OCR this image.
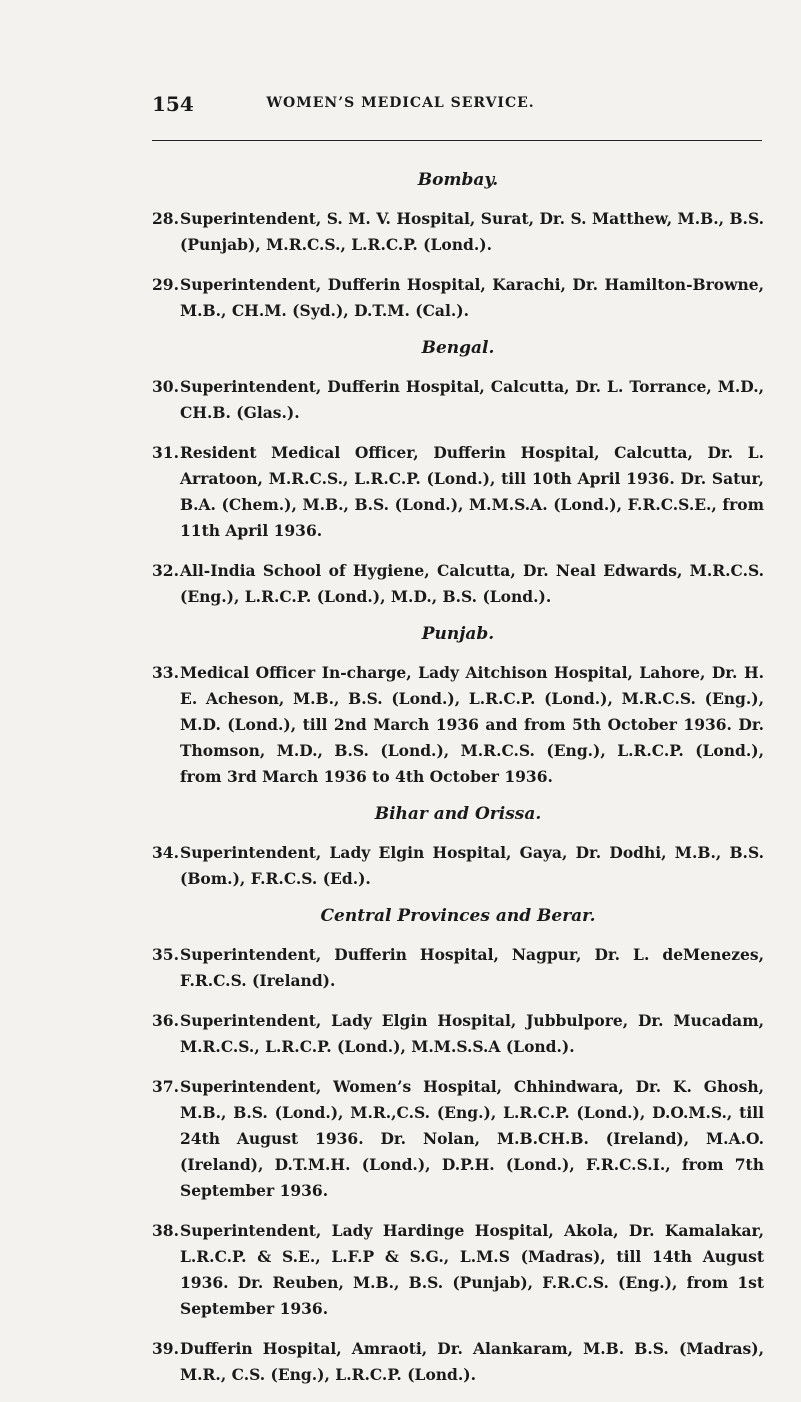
154	WOMEN’S MEDICAL SERVICE.
Bombay.
28. Superintendent, S. M. V. Hospital, Surat, Dr. S. Matthew, M.B., B.S. (Punjab), M.R.C.S., L.R.C.P. (Lond.).
29. Superintendent, Dufferin Hospital, Karachi, Dr. Hamilton-Browne, M.B., CH.M. (Syd.), D.T.M. (Cal.).
Bengal.
30. Superintendent, Dufferin Hospital, Calcutta, Dr. L. Torrance, M.D., CH.B. (Glas.).
31. Resident Medical Officer, Dufferin Hospital, Calcutta, Dr. L. Arratoon, M.R.C.S., L.R.C.P. (Lond.), till 10th April 1936. Dr. Satur, B.A. (Chem.), M.B., B.S. (Lond.), M.M.S.A. (Lond.), F.R.C.S.E., from 11th April 1936.
32. All-India School of Hygiene, Calcutta, Dr. Neal Edwards, M.R.C.S. (Eng.), L.R.C.P. (Lond.), M.D., B.S. (Lond.).
Punjab.
33. Medical Officer In-charge, Lady Aitchison Hospital, Lahore, Dr. H. E. Acheson, M.B., B.S. (Lond.), L.R.C.P. (Lond.), M.R.C.S. (Eng.), M.D. (Lond.), till 2nd March 1936 and from 5th October 1936. Dr. Thomson, M.D., B.S. (Lond.), M.R.C.S. (Eng.), L.R.C.P. (Lond.), from 3rd March 1936 to 4th October 1936.
Bihar and Orissa.
34. Superintendent, Lady Elgin Hospital, Gaya, Dr. Dodhi, M.B., B.S. (Bom.), F.R.C.S. (Ed.).
Central Provinces and Berar.
35. Superintendent, Dufferin Hospital, Nagpur, Dr. L. deMenezes, F.R.C.S. (Ireland).
36. Superintendent, Lady Elgin Hospital, Jubbulpore, Dr. Mucadam, M.R.C.S., L.R.C.P. (Lond.), M.M.S.S.A (Lond.).
37. Superintendent, Women’s Hospital, Chhindwara, Dr. K. Ghosh, M.B., B.S. (Lond.), M.R.,C.S. (Eng.), L.R.C.P. (Lond.), D.O.M.S., till 24th August 1936. Dr. Nolan, M.B.CH.B. (Ireland), M.A.O. (Ireland), D.T.M.H. (Lond.), D.P.H. (Lond.), F.R.C.S.I., from 7th September 1936.
38. Superintendent, Lady Hardinge Hospital, Akola, Dr. Kamalakar, L.R.C.P. & S.E., L.F.P & S.G., L.M.S (Madras), till 14th August 1936. Dr. Reuben, M.B., B.S. (Punjab), F.R.C.S. (Eng.), from 1st September 1936.
39. Dufferin Hospital, Amraoti, Dr. Alankaram, M.B. B.S. (Madras), M.R., C.S. (Eng.), L.R.C.P. (Lond.).
